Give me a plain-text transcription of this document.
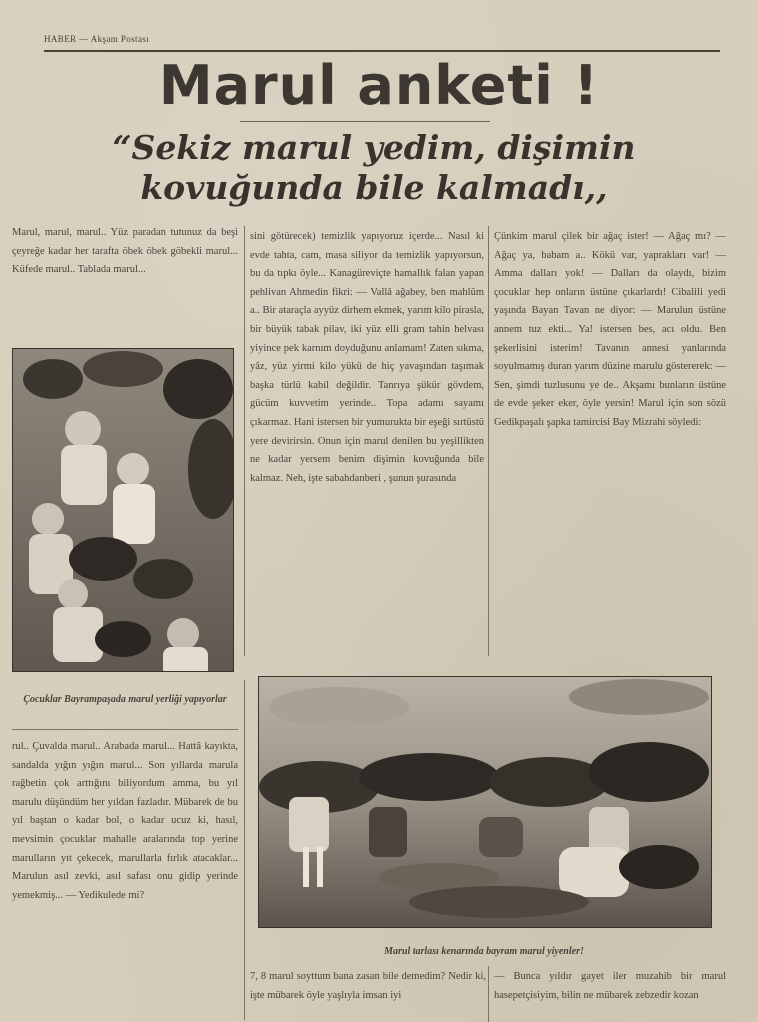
HABER — Akşam Postası
Marul anketi !
“Sekiz marul yedim, dişimin kovuğunda bile kalmadı,,

Marul, marul, marul.. Yüz paradan tutunuz da beşi çeyreğe kadar her tarafta öbek öbek göbekli marul... Küfede marul.. Tablada marul...

sini götürecek) temizlik yapıyoruz içerde... Nasıl ki evde tahta, cam, masa siliyor da temizlik yapıyorsun, bu da tıpkı öyle... Kanagüreviçte hamallık falan yapan pehlivan Ahmedin fikri: — Vallâ ağabey, ben mahlûm a.. Bir ataraçla ayyüz dirhem ekmek, yarım kilo pirasla, bir büyük tabak pilav, iki yüz elli gram tahin helvası yiyince pek karnım doyduğunu anlamam! Zaten sıkma, yâz, yüz yirmi kilo yükü de hiç yavaşından taşımak başka türlü kabil değildir. Tanrıya şükür gövdem, gücüm kuvvetim yerinde.. Topa adamı sayamı çıkarmaz. Hani istersen bir yumurukta bir eşeği sırtüstü yere devirirsin. Onun için marul denilen bu yeşillikten ne kadar yersem benim dişimin kovuğunda bile kalmaz. Neh, işte sabahdanberi , şunun şurasında

Çünkim marul çilek bir ağaç ister! — Ağaç mı? — Ağaç ya, babam a.. Kökü var, yaprakları var! — Amma dalları yok! — Dalları da olaydı, bizim çocuklar hep onların üstüne çıkarlardı! Cibalili yedi yaşında Bayan Tavan ne diyor: — Marulun üstüne annem tuz ekti... Ya! istersen bes, acı oldu. Ben şekerlisini isterim! Tavanın annesi yanlarında soyulmamış duran yarım düzine marulu göstererek: — Sen, şimdi tuzlusunu ye de.. Akşamı bunların üstüne de evde şeker eker, öyle yersin! Marul için son sözü Gedikpaşalı şapka tamircisi Bay Mizrahi söyledi:

Çocuklar Bayrampaşada marul yerliği yapıyorlar

rul.. Çuvalda marul.. Arabada marul... Hattâ kayıkta, sandalda yığın yığın marul... Son yıllarda marula rağbetin çok arttığını biliyordum amma, bu yıl marulu düşündüm her yıldan fazladır. Mübarek de bu yıl baştan o kadar bol, o kadar ucuz ki, hasıl, mevsimin çocuklar mahalle aralarında top yerine marulların yıt çekecek, marullarla fırlık atacaklar... Marulun asıl zevki, asıl safası onu gidip yerinde yemekmiş... — Yedikulede mi?

Marul tarlası kenarında bayram marul yiyenler!

7, 8 marul soyttum bana zasan bile demedim? Nedir ki, işte mübarek öyle yaşlıyla imsan iyi

— Bunca yıldır gayet iler muzahib bir marul hasepetçisiyim, bilin ne mübarek zebzedir kozan
